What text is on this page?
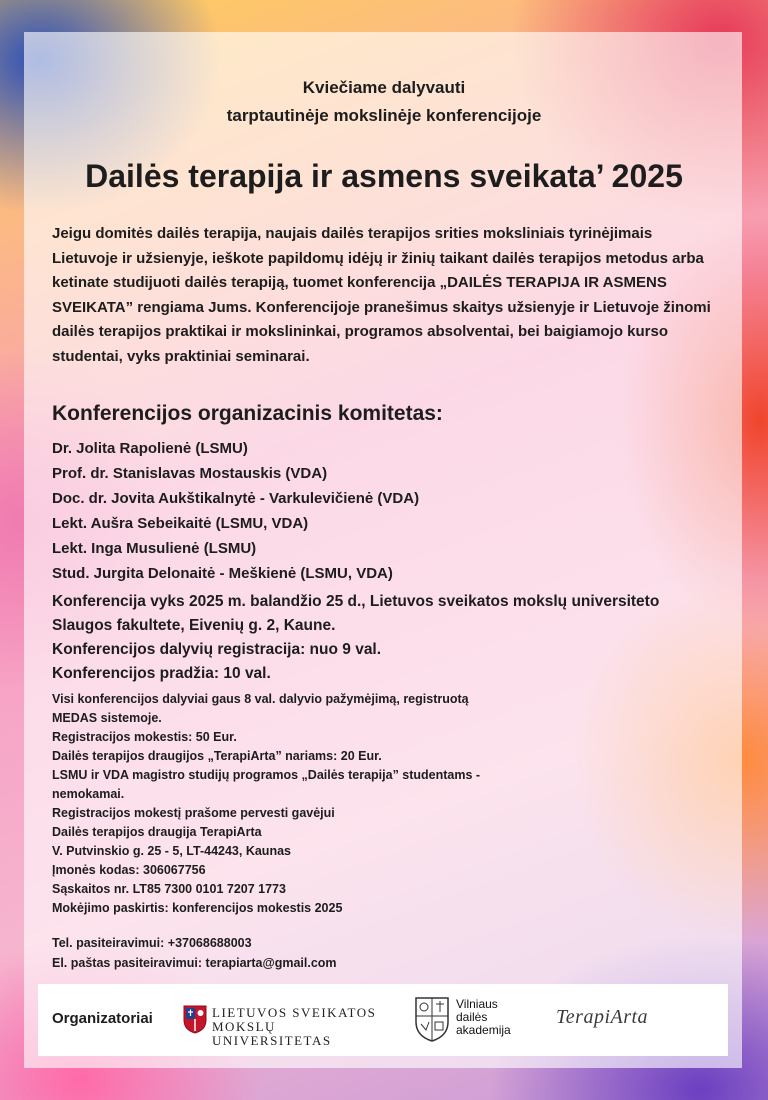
Kviečiame dalyvauti
tarptautinėje mokslinėje konferencijoje
Dailės terapija ir asmens sveikata’ 2025
Jeigu domitės dailės terapija, naujais dailės terapijos srities moksliniais tyrinėjimais Lietuvoje ir užsienyje, ieškote papildomų idėjų ir žinių taikant dailės terapijos metodus arba ketinate studijuoti dailės terapiją, tuomet konferencija „DAILĖS TERAPIJA IR ASMENS SVEIKATA” rengiama Jums. Konferencijoje pranešimus skaitys užsienyje ir Lietuvoje žinomi dailės terapijos praktikai ir mokslininkai, programos absolventai, bei baigiamojo kurso studentai, vyks praktiniai seminarai.
Konferencijos organizacinis komitetas:
Dr. Jolita Rapolienė (LSMU)
Prof. dr. Stanislavas Mostauskis (VDA)
Doc. dr. Jovita Aukštikalnytė - Varkulevičienė (VDA)
Lekt. Aušra Sebeikaitė (LSMU, VDA)
Lekt. Inga Musulienė (LSMU)
Stud. Jurgita Delonaitė - Meškienė (LSMU, VDA)
Konferencija vyks 2025 m. balandžio 25 d., Lietuvos sveikatos mokslų universiteto Slaugos fakultete, Eivenių g. 2, Kaune.
Konferencijos dalyvių registracija: nuo 9 val.
Konferencijos pradžia: 10 val.
Visi konferencijos dalyviai gaus 8 val. dalyvio pažymėjimą, registruotą
MEDAS sistemoje.
Registracijos mokestis: 50 Eur.
Dailės terapijos draugijos „TerapiArta” nariams: 20 Eur.
LSMU ir VDA magistro studijų programos „Dailės terapija” studentams -
nemokamai.
Registracijos mokestį prašome pervesti gavėjui
Dailės terapijos draugija TerapiArta
V. Putvinskio g. 25 - 5, LT-44243, Kaunas
Įmonės kodas: 306067756
Sąskaitos nr. LT85 7300 0101 7207 1773
Mokėjimo paskirtis: konferencijos mokestis 2025
Tel. pasiteiravimui: +37068688003
El. paštas pasiteiravimui: terapiarta@gmail.com
Organizatoriai	LIETUVOS SVEIKATOS
MOKSLŲ UNIVERSITETAS
Vilniaus
dailės
akademija
TerapiArta
